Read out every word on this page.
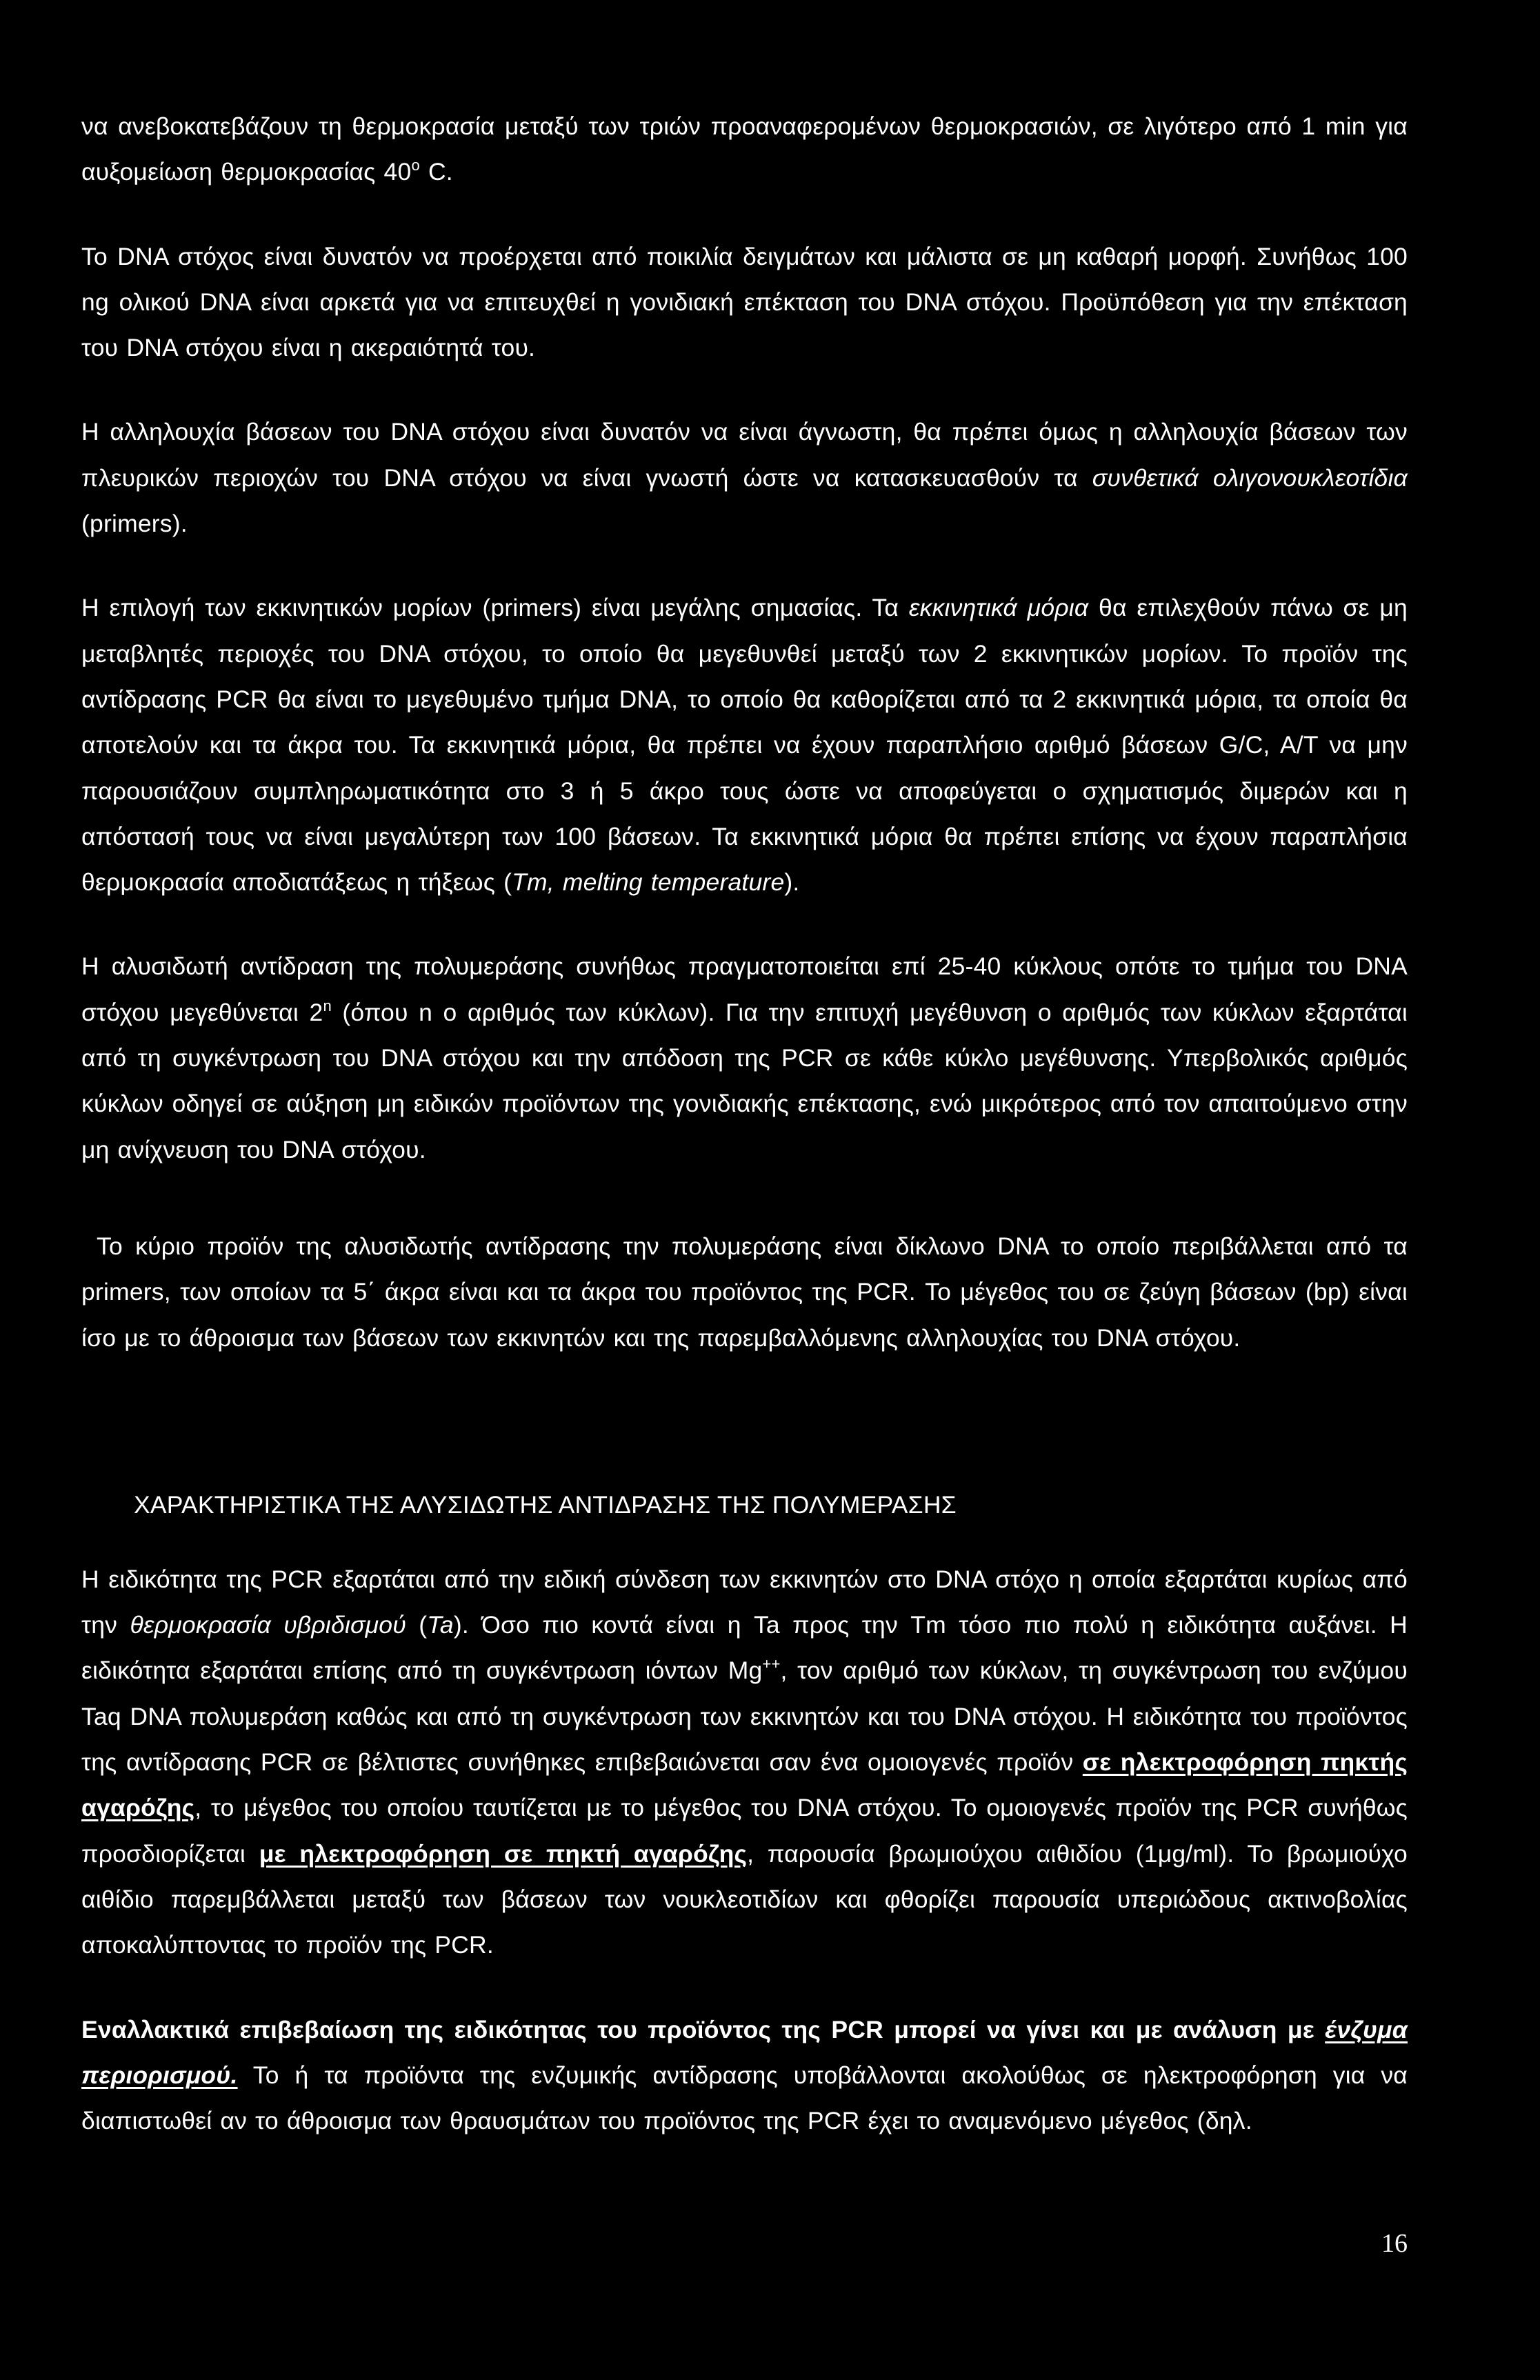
να ανεβοκατεβάζουν τη θερμοκρασία μεταξύ των τριών προαναφερομένων θερμοκρασιών, σε λιγότερο από 1 min για αυξομείωση θερμοκρασίας 40$^o$ C.

Το DNA στόχος είναι δυνατόν να προέρχεται από ποικιλία δειγμάτων και μάλιστα σε μη καθαρή μορφή. Συνήθως 100 ng ολικού DNA είναι αρκετά για να επιτευχθεί η γονιδιακή επέκταση του DNA στόχου. Προϋπόθεση για την επέκταση του DNA στόχου είναι η ακεραιότητά του.

Η αλληλουχία βάσεων του DNA στόχου είναι δυνατόν να είναι άγνωστη, θα πρέπει όμως η αλληλουχία βάσεων των πλευρικών περιοχών του DNA στόχου να είναι γνωστή ώστε να κατασκευασθούν τα συνθετικά ολιγονουκλεοτίδια (primers).

Η επιλογή των εκκινητικών μορίων (primers) είναι μεγάλης σημασίας. Τα εκκινητικά μόρια θα επιλεχθούν πάνω σε μη μεταβλητές περιοχές του DNA στόχου, το οποίο θα μεγεθυνθεί μεταξύ των 2 εκκινητικών μορίων. Το προϊόν της αντίδρασης PCR θα είναι το μεγεθυμένο τμήμα DNA, το οποίο θα καθορίζεται από τα 2 εκκινητικά μόρια, τα οποία θα αποτελούν και τα άκρα του. Τα εκκινητικά μόρια, θα πρέπει να έχουν παραπλήσιο αριθμό βάσεων G/C, A/T να μην παρουσιάζουν συμπληρωματικότητα στο 3 ή 5 άκρο τους ώστε να αποφεύγεται ο σχηματισμός διμερών και η απόστασή τους να είναι μεγαλύτερη των 100 βάσεων. Τα εκκινητικά μόρια θα πρέπει επίσης να έχουν παραπλήσια θερμοκρασία αποδιατάξεως η τήξεως (Tm, melting temperature).

Η αλυσιδωτή αντίδραση της πολυμεράσης συνήθως πραγματοποιείται επί 25-40 κύκλους οπότε το τμήμα του DNA στόχου μεγεθύνεται 2$^n$ (όπου n ο αριθμός των κύκλων). Για την επιτυχή μεγέθυνση ο αριθμός των κύκλων εξαρτάται από τη συγκέντρωση του DNA στόχου και την απόδοση της PCR σε κάθε κύκλο μεγέθυνσης. Υπερβολικός αριθμός κύκλων οδηγεί σε αύξηση μη ειδικών προϊόντων της γονιδιακής επέκτασης, ενώ μικρότερος από τον απαιτούμενο στην μη ανίχνευση του DNA στόχου.

Το κύριο προϊόν της αλυσιδωτής αντίδρασης την πολυμεράσης είναι δίκλωνο DNA το οποίο περιβάλλεται από τα primers, των οποίων τα 5΄ άκρα είναι και τα άκρα του προϊόντος της PCR. Το μέγεθος του σε ζεύγη βάσεων (bp) είναι ίσο με το άθροισμα των βάσεων των εκκινητών και της παρεμβαλλόμενης αλληλουχίας του DNA στόχου.

ΧΑΡΑΚΤΗΡΙΣΤΙΚΑ ΤΗΣ ΑΛΥΣΙΔΩΤΗΣ ΑΝΤΙΔΡΑΣΗΣ ΤΗΣ ΠΟΛΥΜΕΡΑΣΗΣ

Η ειδικότητα της PCR εξαρτάται από την ειδική σύνδεση των εκκινητών στο DNA στόχο η οποία εξαρτάται κυρίως από την θερμοκρασία υβριδισμού (Ta). Όσο πιο κοντά είναι η Ta προς την Tm τόσο πιο πολύ η ειδικότητα αυξάνει. Η ειδικότητα εξαρτάται επίσης από τη συγκέντρωση ιόντων Mg++, τον αριθμό των κύκλων, τη συγκέντρωση του ενζύμου Taq DNA πολυμεράση καθώς και από τη συγκέντρωση των εκκινητών και του DNA στόχου. Η ειδικότητα του προϊόντος της αντίδρασης PCR σε βέλτιστες συνήθηκες επιβεβαιώνεται σαν ένα ομοιογενές προϊόν σε ηλεκτροφόρηση πηκτής αγαρόζης, το μέγεθος του οποίου ταυτίζεται με το μέγεθος του DNA στόχου. Το ομοιογενές προϊόν της PCR συνήθως προσδιορίζεται με ηλεκτροφόρηση σε πηκτή αγαρόζης, παρουσία βρωμιούχου αιθιδίου (1μg/ml). Το βρωμιούχο αιθίδιο παρεμβάλλεται μεταξύ των βάσεων των νουκλεοτιδίων και φθορίζει παρουσία υπεριώδους ακτινοβολίας αποκαλύπτοντας το προϊόν της PCR.

Εναλλακτικά επιβεβαίωση της ειδικότητας του προϊόντος της PCR μπορεί να γίνει και με ανάλυση με ένζυμα περιορισμού. Το ή τα προϊόντα της ενζυμικής αντίδρασης υποβάλλονται ακολούθως σε ηλεκτροφόρηση για να διαπιστωθεί αν το άθροισμα των θραυσμάτων του προϊόντος της PCR έχει το αναμενόμενο μέγεθος (δηλ.

16
